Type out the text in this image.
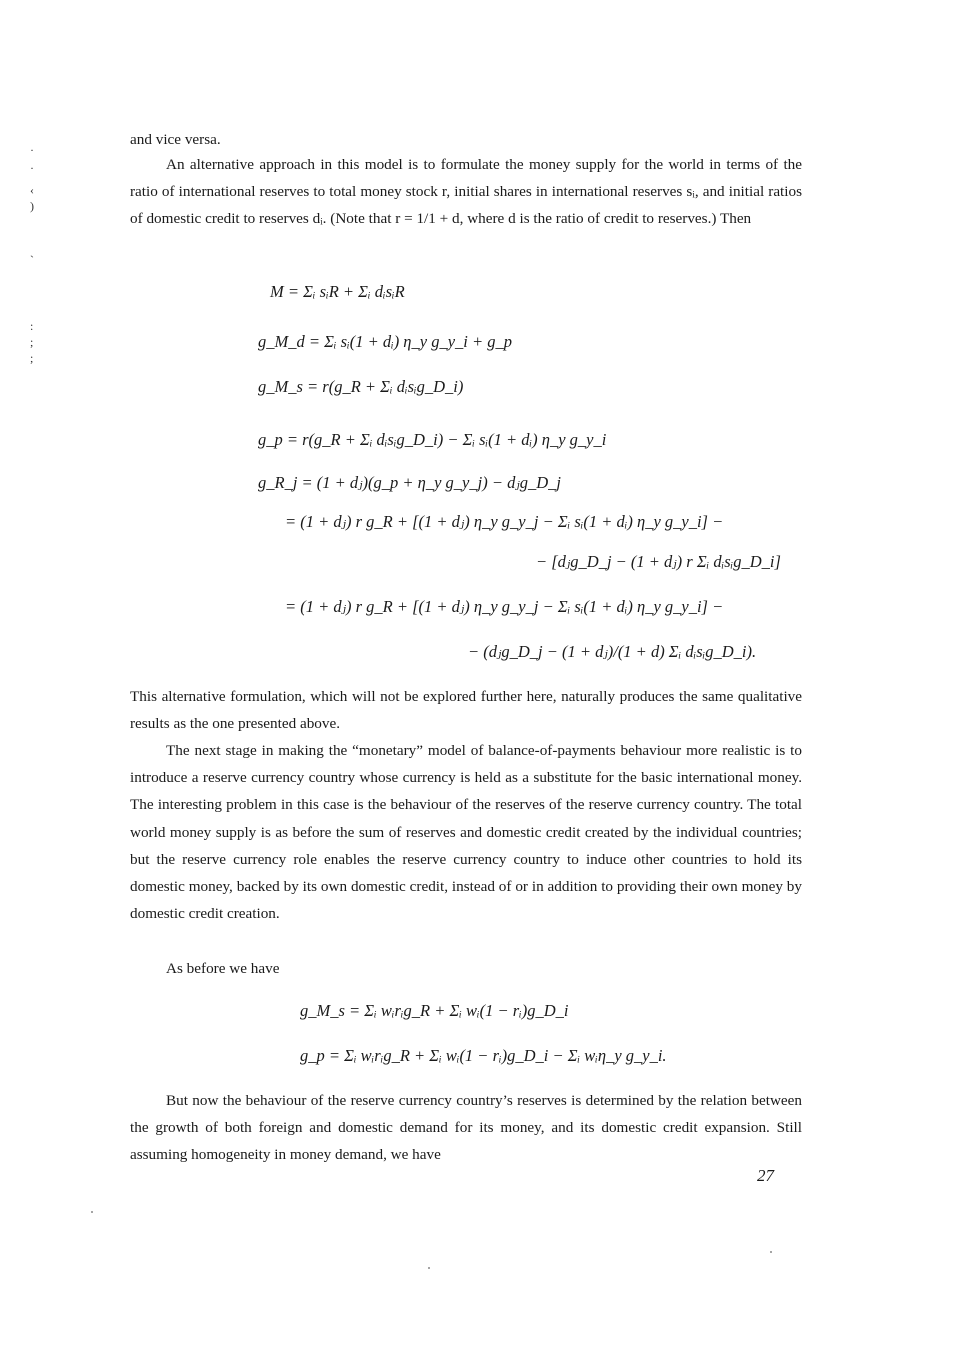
·
·
‹
)
`
:
;
;

and vice versa.

An alternative approach in this model is to formulate the money supply for the world in terms of the ratio of international reserves to total money stock r, initial shares in international reserves sᵢ, and initial ratios of domestic credit to reserves dᵢ. (Note that r = 1/1 + d, where d is the ratio of credit to reserves.) Then

M = Σᵢ sᵢR + Σᵢ dᵢsᵢR
g_M_d = Σᵢ sᵢ(1 + dᵢ) η_y g_y_i + g_p
g_M_s = r(g_R + Σᵢ dᵢsᵢg_D_i)
g_p = r(g_R + Σᵢ dᵢsᵢg_D_i) − Σᵢ sᵢ(1 + dᵢ) η_y g_y_i
g_R_j = (1 + dⱼ)(g_p + η_y g_y_j) − dⱼg_D_j
= (1 + dⱼ) r g_R + [(1 + dⱼ) η_y g_y_j − Σᵢ sᵢ(1 + dᵢ) η_y g_y_i] −
− [dⱼg_D_j − (1 + dⱼ) r Σᵢ dᵢsᵢg_D_i]
= (1 + dⱼ) r g_R + [(1 + dⱼ) η_y g_y_j − Σᵢ sᵢ(1 + dᵢ) η_y g_y_i] −
− (dⱼg_D_j − (1 + dⱼ)/(1 + d) Σᵢ dᵢsᵢg_D_i).

This alternative formulation, which will not be explored further here, naturally produces the same qualitative results as the one presented above.

The next stage in making the “monetary” model of balance-of-payments behaviour more realistic is to introduce a reserve currency country whose currency is held as a substitute for the basic international money. The interesting problem in this case is the behaviour of the reserves of the reserve currency country. The total world money supply is as before the sum of reserves and domestic credit created by the individual countries; but the reserve currency role enables the reserve currency country to induce other countries to hold its domestic money, backed by its own domestic credit, instead of or in addition to providing their own money by domestic credit creation.

As before we have

g_M_s = Σᵢ wᵢrᵢg_R + Σᵢ wᵢ(1 − rᵢ)g_D_i
g_p = Σᵢ wᵢrᵢg_R + Σᵢ wᵢ(1 − rᵢ)g_D_i − Σᵢ wᵢη_y g_y_i.

But now the behaviour of the reserve currency country’s reserves is determined by the relation between the growth of both foreign and domestic demand for its money, and its domestic credit expansion. Still assuming homogeneity in money demand, we have

27
